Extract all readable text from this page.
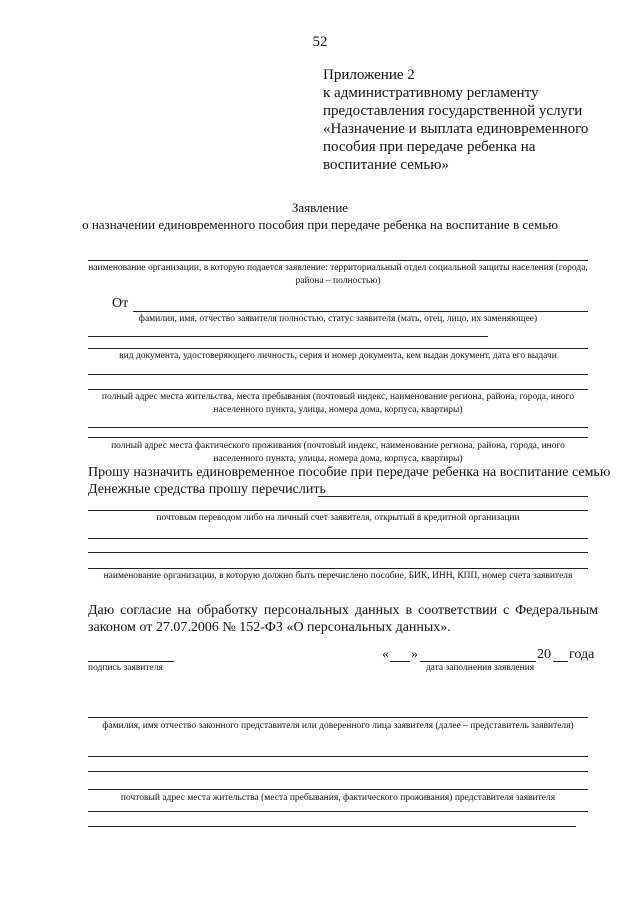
52
Приложение 2
к административному регламенту
предоставления государственной услуги
«Назначение и выплата единовременного
пособия при передаче ребенка на
воспитание семью»
Заявление
о назначении единовременного пособия при передаче ребенка на воспитание в семью
наименование организации, в которую подается заявление: территориальный отдел социальной защиты населения (города, района – полностью)
От
фамилия, имя, отчество заявителя полностью, статус заявителя (мать, отец, лицо, их заменяющее)
вид документа, удостоверяющего личность, серия и номер документа, кем выдан документ, дата его выдачи
полный адрес места жительства, места пребывания (почтовый индекс, наименование региона, района, города, иного населенного пункта, улицы, номера дома, корпуса, квартиры)
полный адрес места фактического проживания (почтовый индекс, наименование региона, района, города, иного населенного пункта, улицы, номера дома, корпуса, квартиры)
Прошу назначить единовременное пособие при передаче ребенка на воспитание семью
Денежные средства прошу перечислить
почтовым переводом либо на личный счет заявителя, открытый в кредитной организации
наименование организации, в которую должно быть перечислено пособие, БИК, ИНН, КПП, номер счета заявителя
Даю согласие на обработку персональных данных в соответствии с Федеральным законом от 27.07.2006 № 152-ФЗ «О персональных данных».
подпись заявителя
« »	20 года
дата заполнения заявления
фамилия, имя отчество законного представителя или доверенного лица заявителя (далее – представитель заявителя)
почтовый адрес места жительства (места пребывания, фактического проживания) представителя заявителя
